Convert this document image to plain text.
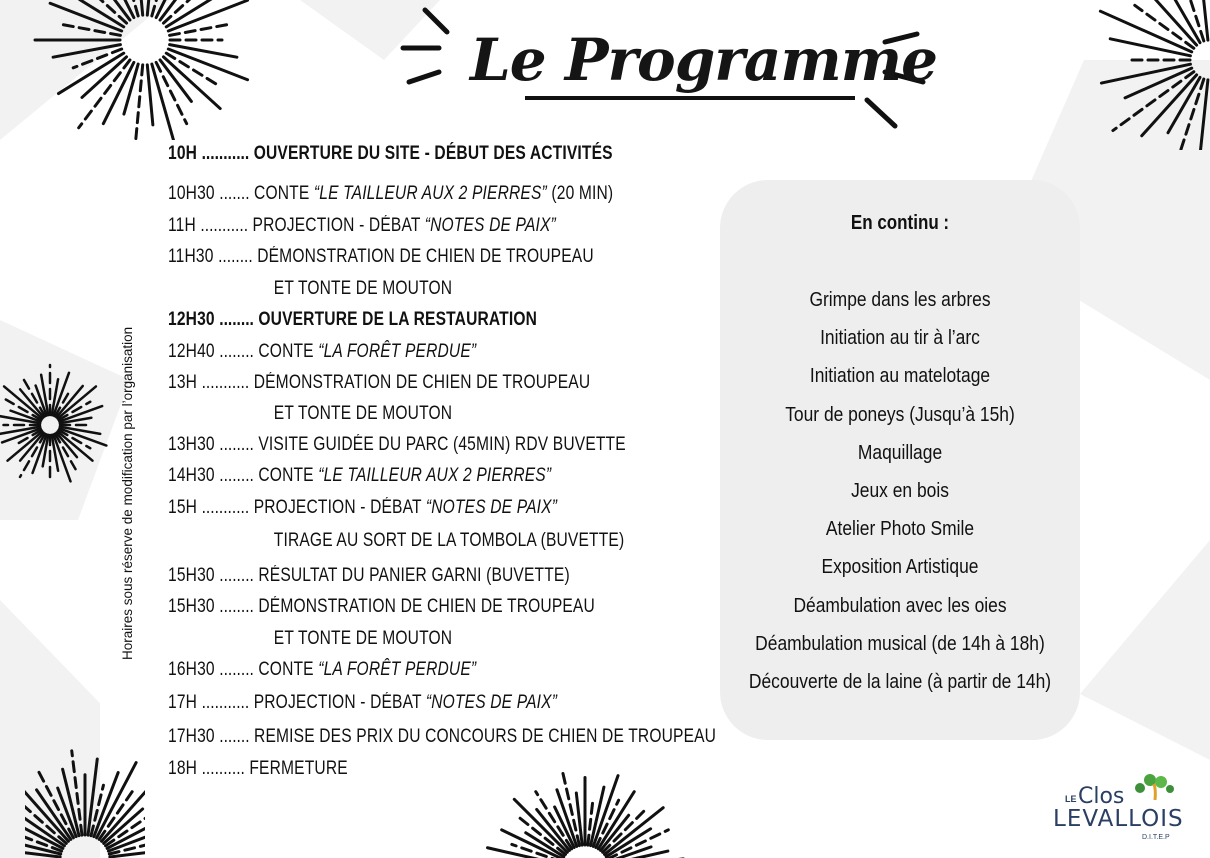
Le Programme
Horaires sous réserve de modification par l’organisation
10H ........... OUVERTURE DU SITE - DÉBUT DES ACTIVITÉS
10H30 ....... CONTE “LE TAILLEUR AUX 2 PIERRES” (20 MIN)
11H ........... PROJECTION - DÉBAT “NOTES DE PAIX”
11H30 ........ DÉMONSTRATION DE CHIEN DE TROUPEAU
ET TONTE DE MOUTON
12H30 ........ OUVERTURE DE LA RESTAURATION
12H40 ........ CONTE “LA FORÊT PERDUE”
13H ........... DÉMONSTRATION DE CHIEN DE TROUPEAU
ET TONTE DE MOUTON
13H30 ........ VISITE GUIDÉE DU PARC (45MIN) RDV BUVETTE
14H30 ........ CONTE “LE TAILLEUR AUX 2 PIERRES”
15H ........... PROJECTION - DÉBAT “NOTES DE PAIX”
TIRAGE AU SORT DE LA TOMBOLA (BUVETTE)
15H30 ........ RÉSULTAT DU PANIER GARNI (BUVETTE)
15H30 ........ DÉMONSTRATION DE CHIEN DE TROUPEAU
ET TONTE DE MOUTON
16H30 ........ CONTE “LA FORÊT PERDUE”
17H ........... PROJECTION - DÉBAT “NOTES DE PAIX”
17H30 ....... REMISE DES PRIX DU CONCOURS DE CHIEN DE TROUPEAU
18H .......... FERMETURE
En continu :
Grimpe dans les arbres
Initiation au tir à l’arc
Initiation au matelotage
Tour de poneys (Jusqu’à 15h)
Maquillage
Jeux en bois
Atelier Photo Smile
Exposition Artistique
Déambulation avec les oies
Déambulation musical (de 14h à 18h)
Découverte de la laine (à partir de 14h)
LE Clos
LEVALLOIS
D.I.T.E.P
